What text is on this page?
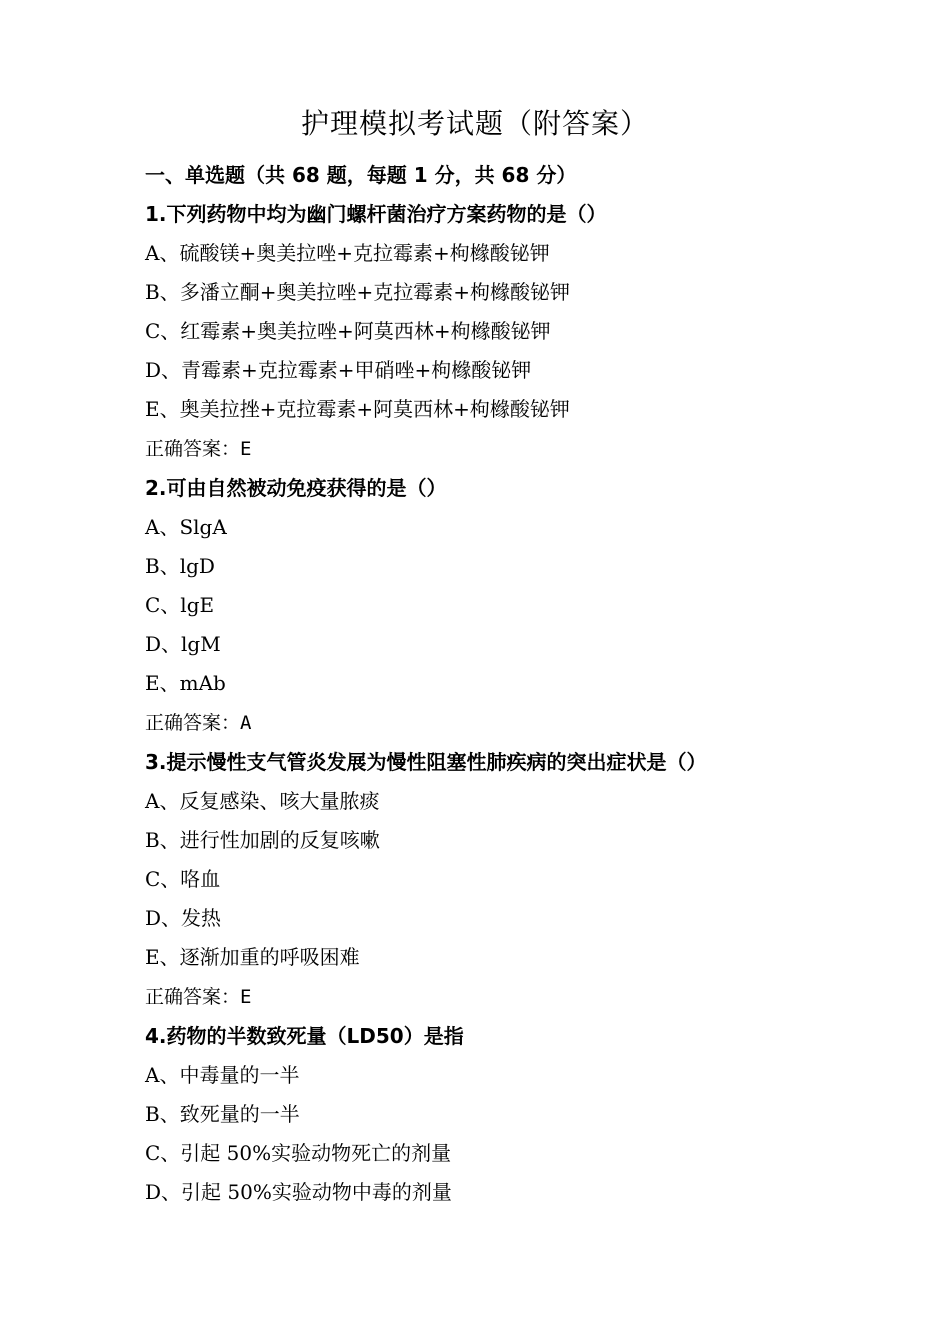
护理模拟考试题（附答案）
一、单选题（共 68 题，每题 1 分，共 68 分）
1.下列药物中均为幽门螺杆菌治疗方案药物的是（）
A、硫酸镁+奥美拉唑+克拉霉素+枸橼酸铋钾
B、多潘立酮+奥美拉唑+克拉霉素+枸橼酸铋钾
C、红霉素+奥美拉唑+阿莫西林+枸橼酸铋钾
D、青霉素+克拉霉素+甲硝唑+枸橼酸铋钾
E、奥美拉挫+克拉霉素+阿莫西林+枸橼酸铋钾
正确答案：E
2.可由自然被动免疫获得的是（）
A、SlgA
B、lgD
C、lgE
D、lgM
E、mAb
正确答案：A
3.提示慢性支气管炎发展为慢性阻塞性肺疾病的突出症状是（）
A、反复感染、咳大量脓痰
B、进行性加剧的反复咳嗽
C、咯血
D、发热
E、逐渐加重的呼吸困难
正确答案：E
4.药物的半数致死量（LD50）是指
A、中毒量的一半
B、致死量的一半
C、引起 50%实验动物死亡的剂量
D、引起 50%实验动物中毒的剂量
